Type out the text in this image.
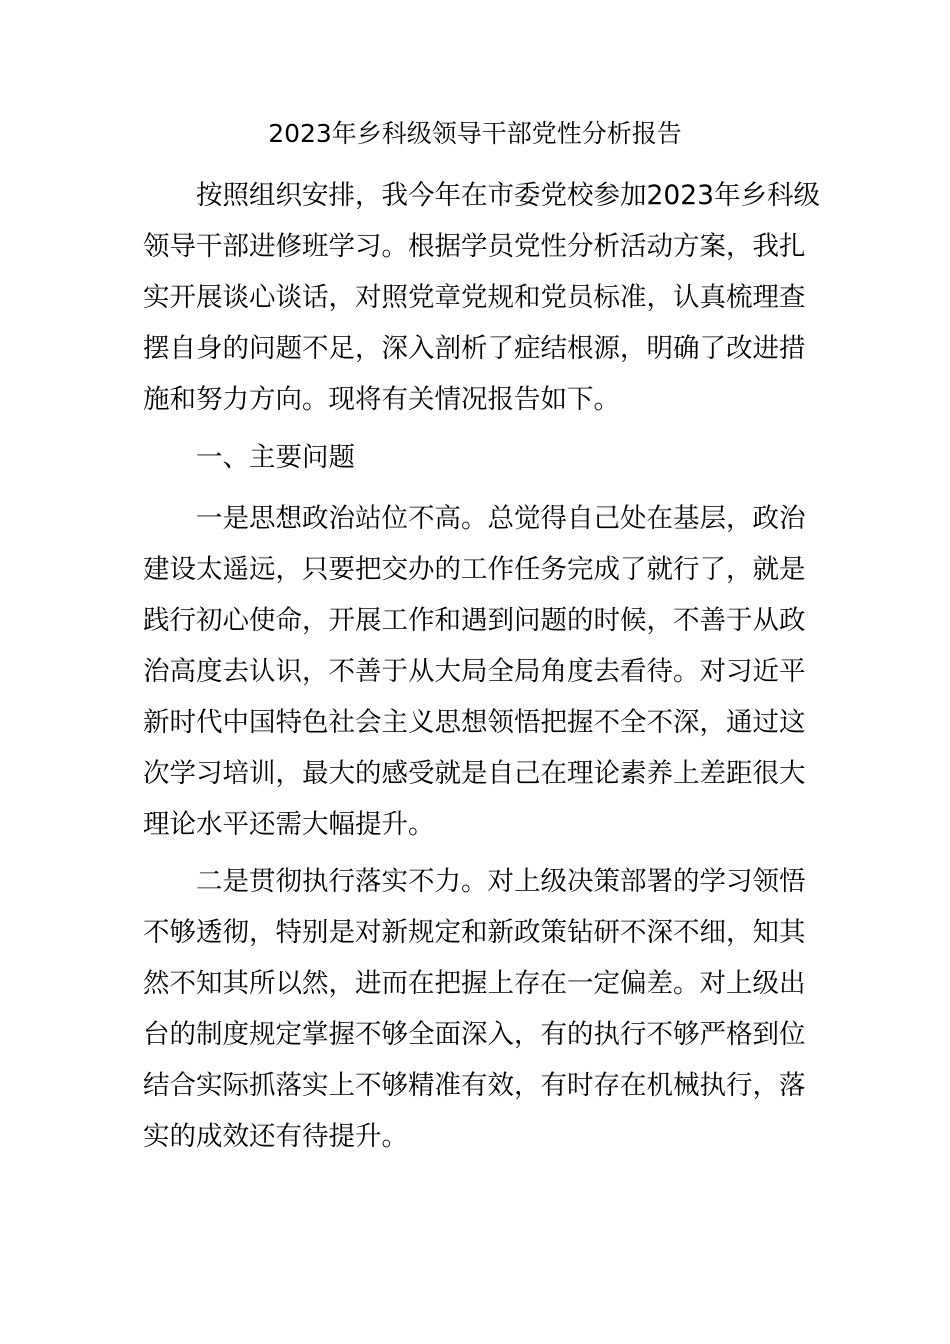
2023年乡科级领导干部党性分析报告
按照组织安排，我今年在市委党校参加2023年乡科级
领导干部进修班学习。根据学员党性分析活动方案，我扎
实开展谈心谈话，对照党章党规和党员标准，认真梳理查
摆自身的问题不足，深入剖析了症结根源，明确了改进措
施和努力方向。现将有关情况报告如下。
一、主要问题
一是思想政治站位不高。总觉得自己处在基层，政治
建设太遥远，只要把交办的工作任务完成了就行了，就是
践行初心使命，开展工作和遇到问题的时候，不善于从政
治高度去认识，不善于从大局全局角度去看待。对习近平
新时代中国特色社会主义思想领悟把握不全不深，通过这
次学习培训，最大的感受就是自己在理论素养上差距很大
理论水平还需大幅提升。
二是贯彻执行落实不力。对上级决策部署的学习领悟
不够透彻，特别是对新规定和新政策钻研不深不细，知其
然不知其所以然，进而在把握上存在一定偏差。对上级出
台的制度规定掌握不够全面深入，有的执行不够严格到位
结合实际抓落实上不够精准有效，有时存在机械执行，落
实的成效还有待提升。
